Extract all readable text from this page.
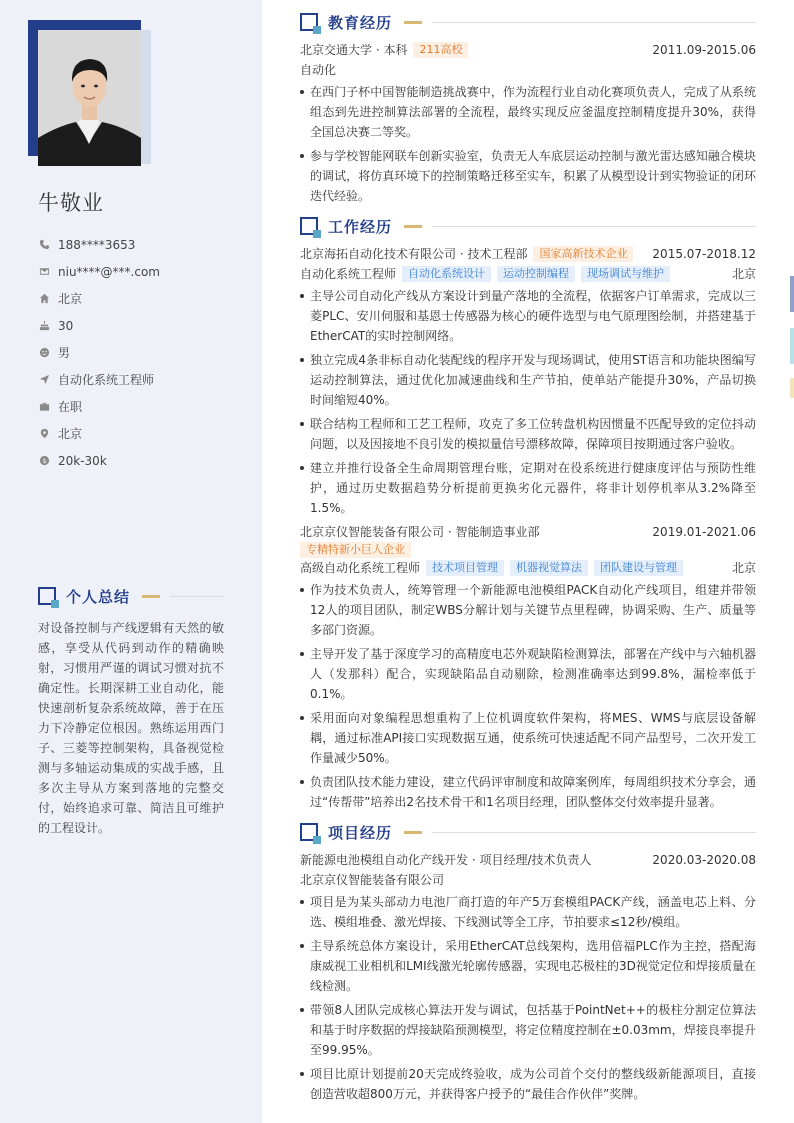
牛敬业
188****3653
niu****@***.com
北京
30
男
自动化系统工程师
在职
北京
$ 20k-30k
个人总结
对设备控制与产线逻辑有天然的敏感，享受从代码到动作的精确映射，习惯用严谨的调试习惯对抗不确定性。长期深耕工业自动化，能快速剖析复杂系统故障，善于在压力下冷静定位根因。熟练运用西门子、三菱等控制架构，具备视觉检测与多轴运动集成的实战手感，且多次主导从方案到落地的完整交付，始终追求可靠、简洁且可维护的工程设计。
教育经历
北京交通大学 · 本科	211高校	2011.09-2015.06
自动化
在西门子杯中国智能制造挑战赛中，作为流程行业自动化赛项负责人，完成了从系统组态到先进控制算法部署的全流程，最终实现反应釜温度控制精度提升30%，获得全国总决赛二等奖。
参与学校智能网联车创新实验室，负责无人车底层运动控制与激光雷达感知融合模块的调试，将仿真环境下的控制策略迁移至实车，积累了从模型设计到实物验证的闭环迭代经验。
工作经历
北京海拓自动化技术有限公司 · 技术工程部	国家高新技术企业	2015.07-2018.12
自动化系统工程师	自动化系统设计	运动控制编程	现场调试与维护	北京
主导公司自动化产线从方案设计到量产落地的全流程，依据客户订单需求，完成以三菱PLC、安川伺服和基恩士传感器为核心的硬件选型与电气原理图绘制，并搭建基于EtherCAT的实时控制网络。
独立完成4条非标自动化装配线的程序开发与现场调试，使用ST语言和功能块图编写运动控制算法，通过优化加减速曲线和生产节拍，使单站产能提升30%，产品切换时间缩短40%。
联合结构工程师和工艺工程师，攻克了多工位转盘机构因惯量不匹配导致的定位抖动问题，以及因接地不良引发的模拟量信号漂移故障，保障项目按期通过客户验收。
建立并推行设备全生命周期管理台账，定期对在役系统进行健康度评估与预防性维护，通过历史数据趋势分析提前更换劣化元器件，将非计划停机率从3.2%降至1.5%。
北京京仪智能装备有限公司 · 智能制造事业部	2019.01-2021.06
专精特新小巨人企业
高级自动化系统工程师	技术项目管理	机器视觉算法	团队建设与管理	北京
作为技术负责人，统筹管理一个新能源电池模组PACK自动化产线项目，组建并带领12人的项目团队，制定WBS分解计划与关键节点里程碑，协调采购、生产、质量等多部门资源。
主导开发了基于深度学习的高精度电芯外观缺陷检测算法，部署在产线中与六轴机器人（发那科）配合，实现缺陷品自动剔除，检测准确率达到99.8%，漏检率低于0.1%。
采用面向对象编程思想重构了上位机调度软件架构，将MES、WMS与底层设备解耦，通过标准API接口实现数据互通，使系统可快速适配不同产品型号，二次开发工作量减少50%。
负责团队技术能力建设，建立代码评审制度和故障案例库，每周组织技术分享会，通过“传帮带”培养出2名技术骨干和1名项目经理，团队整体交付效率提升显著。
项目经历
新能源电池模组自动化产线开发 · 项目经理/技术负责人	2020.03-2020.08
北京京仪智能装备有限公司
项目是为某头部动力电池厂商打造的年产5万套模组PACK产线，涵盖电芯上料、分选、模组堆叠、激光焊接、下线测试等全工序，节拍要求≤12秒/模组。
主导系统总体方案设计，采用EtherCAT总线架构，选用倍福PLC作为主控，搭配海康威视工业相机和LMI线激光轮廓传感器，实现电芯极柱的3D视觉定位和焊接质量在线检测。
带领8人团队完成核心算法开发与调试，包括基于PointNet++的极柱分割定位算法和基于时序数据的焊接缺陷预测模型，将定位精度控制在±0.03mm，焊接良率提升至99.95%。
项目比原计划提前20天完成终验收，成为公司首个交付的整线级新能源项目，直接创造营收超800万元，并获得客户授予的“最佳合作伙伴”奖牌。
